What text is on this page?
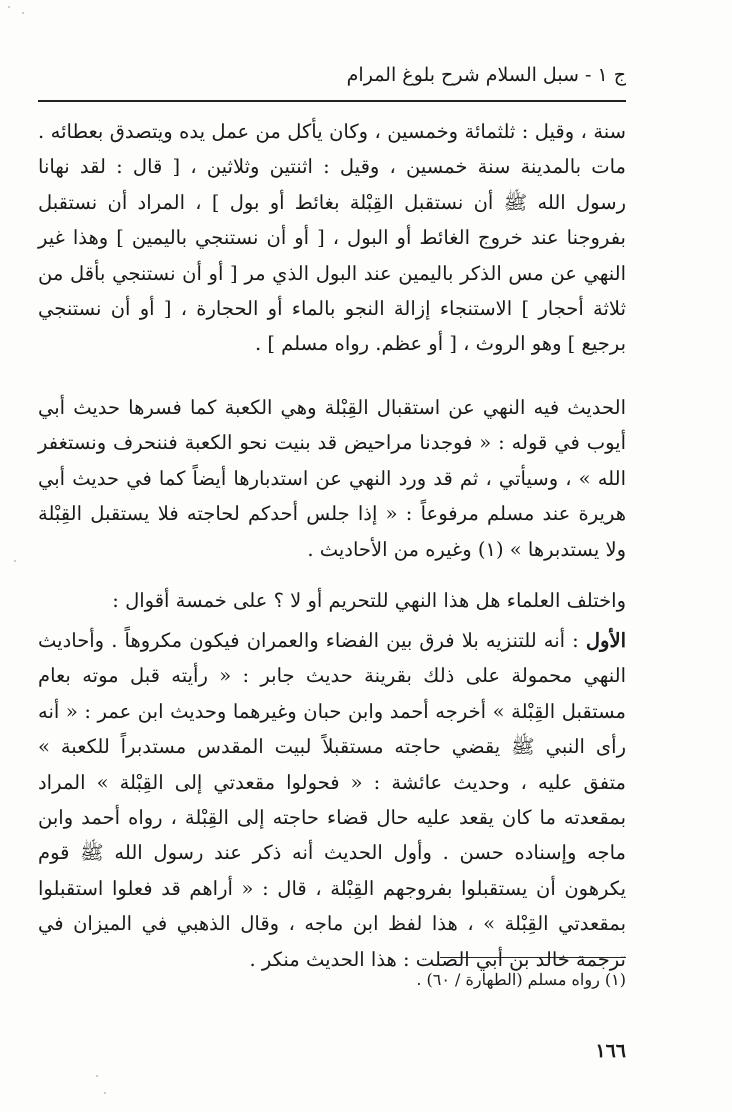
ج ١ - سبل السلام شرح بلوغ المرام
سنة ، وقيل : ثلثمائة وخمسين ، وكان يأكل من عمل يده ويتصدق بعطائه . مات بالمدينة سنة خمسين ، وقيل : اثنتين وثلاثين ، [ قال : لقد نهانا رسول الله ﷺ أن نستقبل القِبْلة بغائط أو بول ] ، المراد أن نستقبل بفروجنا عند خروج الغائط أو البول ، [ أو أن نستنجي باليمين ] وهذا غير النهي عن مس الذكر باليمين عند البول الذي مر [ أو أن نستنجي بأقل من ثلاثة أحجار ] الاستنجاء إزالة النجو بالماء أو الحجارة ، [ أو أن نستنجي برجيع ] وهو الروث ، [ أو عظم. رواه مسلم ] .
الحديث فيه النهي عن استقبال القِبْلة وهي الكعبة كما فسرها حديث أبي أيوب في قوله : « فوجدنا مراحيض قد بنيت نحو الكعبة فننحرف ونستغفر الله » ، وسيأتي ، ثم قد ورد النهي عن استدبارها أيضاً كما في حديث أبي هريرة عند مسلم مرفوعاً : « إذا جلس أحدكم لحاجته فلا يستقبل القِبْلة ولا يستدبرها » (١) وغيره من الأحاديث .
واختلف العلماء هل هذا النهي للتحريم أو لا ؟ على خمسة أقوال :
الأول : أنه للتنزيه بلا فرق بين الفضاء والعمران فيكون مكروهاً . وأحاديث النهي محمولة على ذلك بقرينة حديث جابر : « رأيته قبل موته بعام مستقبل القِبْلة » أخرجه أحمد وابن حبان وغيرهما وحديث ابن عمر : « أنه رأى النبي ﷺ يقضي حاجته مستقبلاً لبيت المقدس مستدبراً للكعبة » متفق عليه ، وحديث عائشة : « فحولوا مقعدتي إلى القِبْلة » المراد بمقعدته ما كان يقعد عليه حال قضاء حاجته إلى القِبْلة ، رواه أحمد وابن ماجه وإسناده حسن . وأول الحديث أنه ذكر عند رسول الله ﷺ قوم يكرهون أن يستقبلوا بفروجهم القِبْلة ، قال : « أراهم قد فعلوا استقبلوا بمقعدتي القِبْلة » ، هذا لفظ ابن ماجه ، وقال الذهبي في الميزان في ترجمة خالد بن أبي الصلت : هذا الحديث منكر .
(١) رواه مسلم (الطهارة / ٦٠) .
١٦٦
